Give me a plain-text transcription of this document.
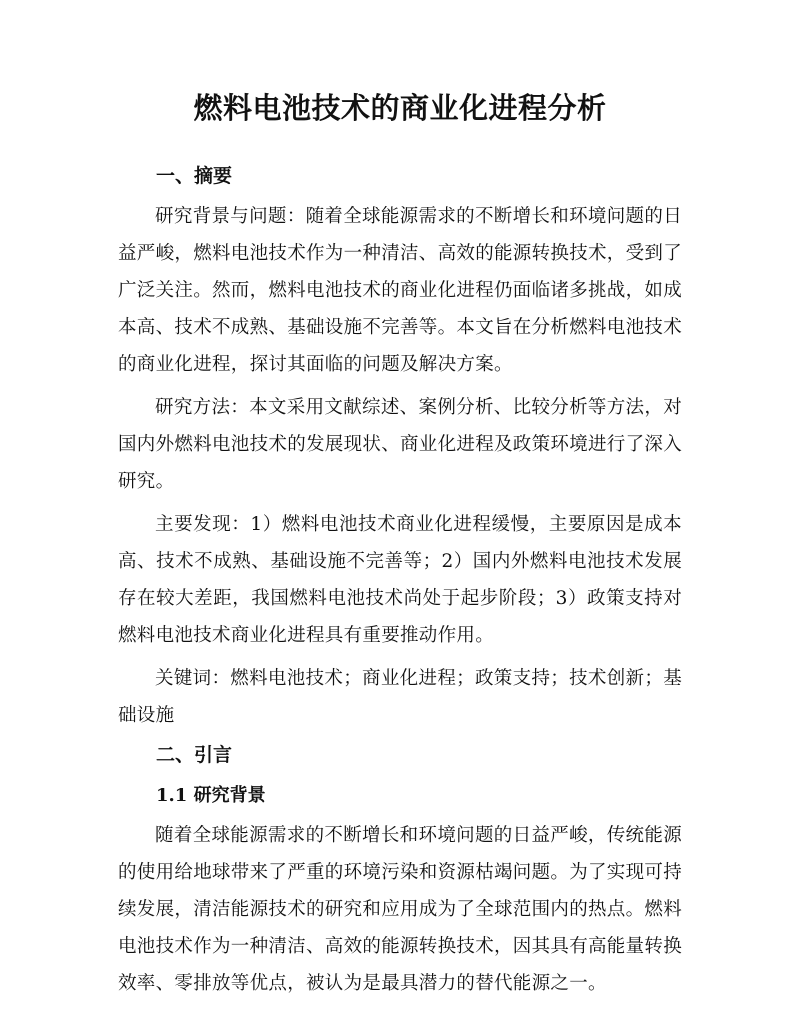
燃料电池技术的商业化进程分析
一、摘要

研究背景与问题：随着全球能源需求的不断增长和环境问题的日益严峻，燃料电池技术作为一种清洁、高效的能源转换技术，受到了广泛关注。然而，燃料电池技术的商业化进程仍面临诸多挑战，如成本高、技术不成熟、基础设施不完善等。本文旨在分析燃料电池技术的商业化进程，探讨其面临的问题及解决方案。

研究方法：本文采用文献综述、案例分析、比较分析等方法，对国内外燃料电池技术的发展现状、商业化进程及政策环境进行了深入研究。

主要发现：1）燃料电池技术商业化进程缓慢，主要原因是成本高、技术不成熟、基础设施不完善等；2）国内外燃料电池技术发展存在较大差距，我国燃料电池技术尚处于起步阶段；3）政策支持对燃料电池技术商业化进程具有重要推动作用。

关键词：燃料电池技术；商业化进程；政策支持；技术创新；基础设施

二、引言
1.1 研究背景

随着全球能源需求的不断增长和环境问题的日益严峻，传统能源的使用给地球带来了严重的环境污染和资源枯竭问题。为了实现可持续发展，清洁能源技术的研究和应用成为了全球范围内的热点。燃料电池技术作为一种清洁、高效的能源转换技术，因其具有高能量转换效率、零排放等优点，被认为是最具潜力的替代能源之一。
